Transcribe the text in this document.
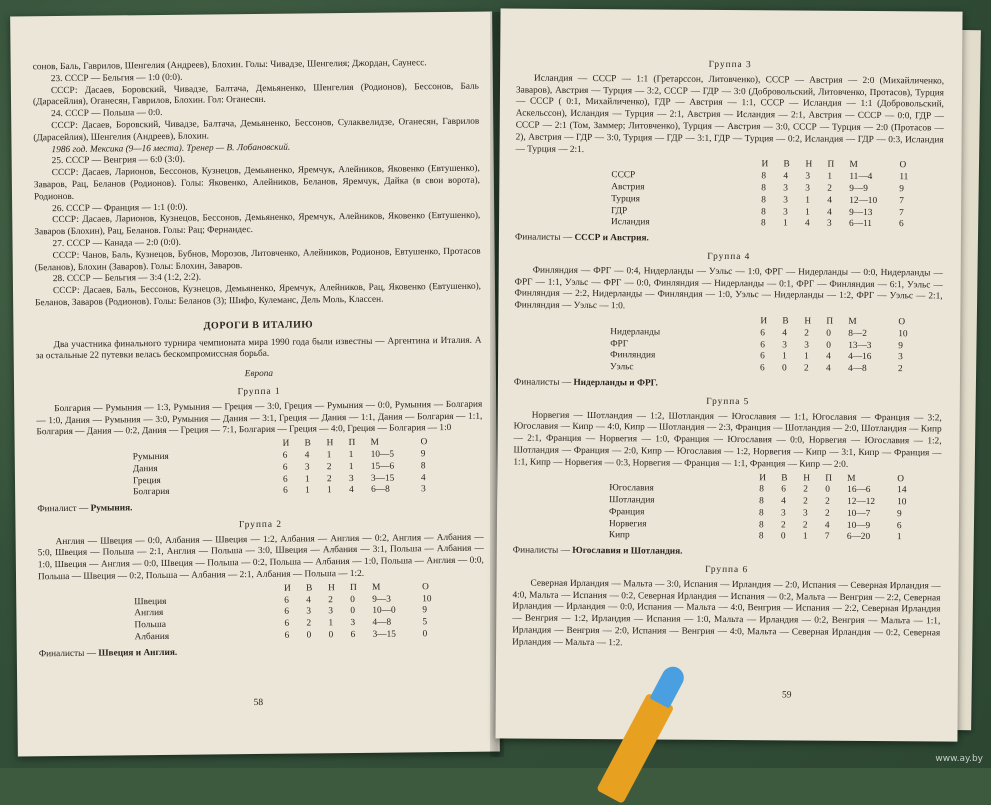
сонов, Баль, Гаврилов, Шенгелия (Андреев), Блохин. Голы: Чивадзе, Шенгелия; Джордан, Саунесс.

23. СССР — Бельгия — 1:0 (0:0).

СССР: Дасаев, Боровский, Чивадзе, Балтача, Демьяненко, Шенгелия (Родионов), Бессонов, Баль (Дарасейлия), Оганесян, Гаврилов, Блохин. Гол: Оганесян.

24. СССР — Польша — 0:0.

СССР: Дасаев, Боровский, Чивадзе, Балтача, Демьяненко, Бессонов, Сулаквелидзе, Оганесян, Гаврилов (Дарасейлия), Шенгелия (Андреев), Блохин.

1986 год. Мексика (9—16 места). Тренер — В. Лобановский.

25. СССР — Венгрия — 6:0 (3:0).

СССР: Дасаев, Ларионов, Бессонов, Кузнецов, Демьяненко, Яремчук, Алейников, Яковенко (Евтушенко), Заваров, Рац, Беланов (Родионов). Голы: Яковенко, Алейников, Беланов, Яремчук, Дайка (в свои ворота), Родионов.

26. СССР — Франция — 1:1 (0:0).

СССР: Дасаев, Ларионов, Кузнецов, Бессонов, Демьяненко, Яремчук, Алейников, Яковенко (Евтушенко), Заваров (Блохин), Рац, Беланов. Голы: Рац; Фернандес.

27. СССР — Канада — 2:0 (0:0).

СССР: Чанов, Баль, Кузнецов, Бубнов, Морозов, Литовченко, Алейников, Родионов, Евтушенко, Протасов (Беланов), Блохин (Заваров). Голы: Блохин, Заваров.

28. СССР — Бельгия — 3:4 (1:2, 2:2).

СССР: Дасаев, Баль, Бессонов, Кузнецов, Демьяненко, Яремчук, Алейников, Рац, Яковенко (Евтушенко), Беланов, Заваров (Родионов). Голы: Беланов (3); Шифо, Кулеманс, Дель Моль, Классен.

ДОРОГИ В ИТАЛИЮ

Два участника финального турнира чемпионата мира 1990 года были известны — Аргентина и Италия. А за остальные 22 путевки велась бескомпромиссная борьба.

Европа
Группа 1

Болгария — Румыния — 1:3, Румыния — Греция — 3:0, Греция — Румыния — 0:0, Румыния — Болгария — 1:0, Дания — Румыния — 3:0, Румыния — Дания — 3:1, Греция — Дания — 1:1, Дания — Болгария — 1:1, Болгария — Дания — 0:2, Дания — Греция — 7:1, Болгария — Греция — 4:0, Греция — Болгария — 1:0

	И	В	Н	П	М	О
Румыния	6	4	1	1	10—5	9
Дания	6	3	2	1	15—6	8
Греция	6	1	2	3	3—15	4
Болгария	6	1	1	4	6—8	3
Финалист — Румыния.
Группа 2

Англия — Швеция — 0:0, Албания — Швеция — 1:2, Албания — Англия — 0:2, Англия — Албания — 5:0, Швеция — Польша — 2:1, Англия — Польша — 3:0, Швеция — Албания — 3:1, Польша — Албания — 1:0, Швеция — Англия — 0:0, Швеция — Польша — 0:2, Польша — Албания — 1:0, Польша — Англия — 0:0, Польша — Швеция — 0:2, Польша — Албания — 2:1, Албания — Польша — 1:2.

	И	В	Н	П	М	О
Швеция	6	4	2	0	9—3	10
Англия	6	3	3	0	10—0	9
Польша	6	2	1	3	4—8	5
Албания	6	0	0	6	3—15	0
Финалисты — Швеция и Англия.
58
Группа 3

Исландия — СССР — 1:1 (Гретарссон, Литовченко), СССР — Австрия — 2:0 (Михайличенко, Заваров), Австрия — Турция — 3:2, СССР — ГДР — 3:0 (Добровольский, Литовченко, Протасов), Турция — СССР ( 0:1, Михайличенко), ГДР — Австрия — 1:1, СССР — Исландия — 1:1 (Добровольский, Аскельссон), Исландия — Турция — 2:1, Австрия — Исландия — 2:1, Австрия — СССР — 0:0, ГДР — СССР — 2:1 (Том, Заммер; Литовченко), Турция — Австрия — 3:0, СССР — Турция — 2:0 (Протасов — 2), Австрия — ГДР — 3:0, Турция — ГДР — 3:1, ГДР — Турция — 0:2, Исландия — ГДР — 0:3, Исландия — Турция — 2:1.

	И	В	Н	П	М	О
СССР	8	4	3	1	11—4	11
Австрия	8	3	3	2	9—9	9
Турция	8	3	1	4	12—10	7
ГДР	8	3	1	4	9—13	7
Исландия	8	1	4	3	6—11	6
Финалисты — СССР и Австрия.
Группа 4

Финляндия — ФРГ — 0:4, Нидерланды — Уэльс — 1:0, ФРГ — Нидерланды — 0:0, Нидерланды — ФРГ — 1:1, Уэльс — ФРГ — 0:0, Финляндия — Нидерланды — 0:1, ФРГ — Финляндия — 6:1, Уэльс — Финляндия — 2:2, Нидерланды — Финляндия — 1:0, Уэльс — Нидерланды — 1:2, ФРГ — Уэльс — 2:1, Финляндия — Уэльс — 1:0.

	И	В	Н	П	М	О
Нидерланды	6	4	2	0	8—2	10
ФРГ	6	3	3	0	13—3	9
Финляндия	6	1	1	4	4—16	3
Уэльс	6	0	2	4	4—8	2
Финалисты — Нидерланды и ФРГ.
Группа 5

Норвегия — Шотландия — 1:2, Шотландия — Югославия — 1:1, Югославия — Франция — 3:2, Югославия — Кипр — 4:0, Кипр — Шотландия — 2:3, Франция — Шотландия — 2:0, Шотландия — Кипр — 2:1, Франция — Норвегия — 1:0, Франция — Югославия — 0:0, Норвегия — Югославия — 1:2, Шотландия — Франция — 2:0, Кипр — Югославия — 1:2, Норвегия — Кипр — 3:1, Кипр — Франция — 1:1, Кипр — Норвегия — 0:3, Норвегия — Франция — 1:1, Франция — Кипр — 2:0.

	И	В	Н	П	М	О
Югославия	8	6	2	0	16—6	14
Шотландия	8	4	2	2	12—12	10
Франция	8	3	3	2	10—7	9
Норвегия	8	2	2	4	10—9	6
Кипр	8	0	1	7	6—20	1
Финалисты — Югославия и Шотландия.
Группа 6

Северная Ирландия — Мальта — 3:0, Испания — Ирландия — 2:0, Испания — Северная Ирландия — 4:0, Мальта — Испания — 0:2, Северная Ирландия — Испания — 0:2, Мальта — Венгрия — 2:2, Северная Ирландия — Ирландия — 0:0, Испания — Мальта — 4:0, Венгрия — Испания — 2:2, Северная Ирландия — Венгрия — 1:2, Ирландия — Испания — 1:0, Мальта — Ирландия — 0:2, Венгрия — Мальта — 1:1, Ирландия — Венгрия — 2:0, Испания — Венгрия — 4:0, Мальта — Северная Ирландия — 0:2, Северная Ирландия — Мальта — 1:2.

59
www.ay.by
